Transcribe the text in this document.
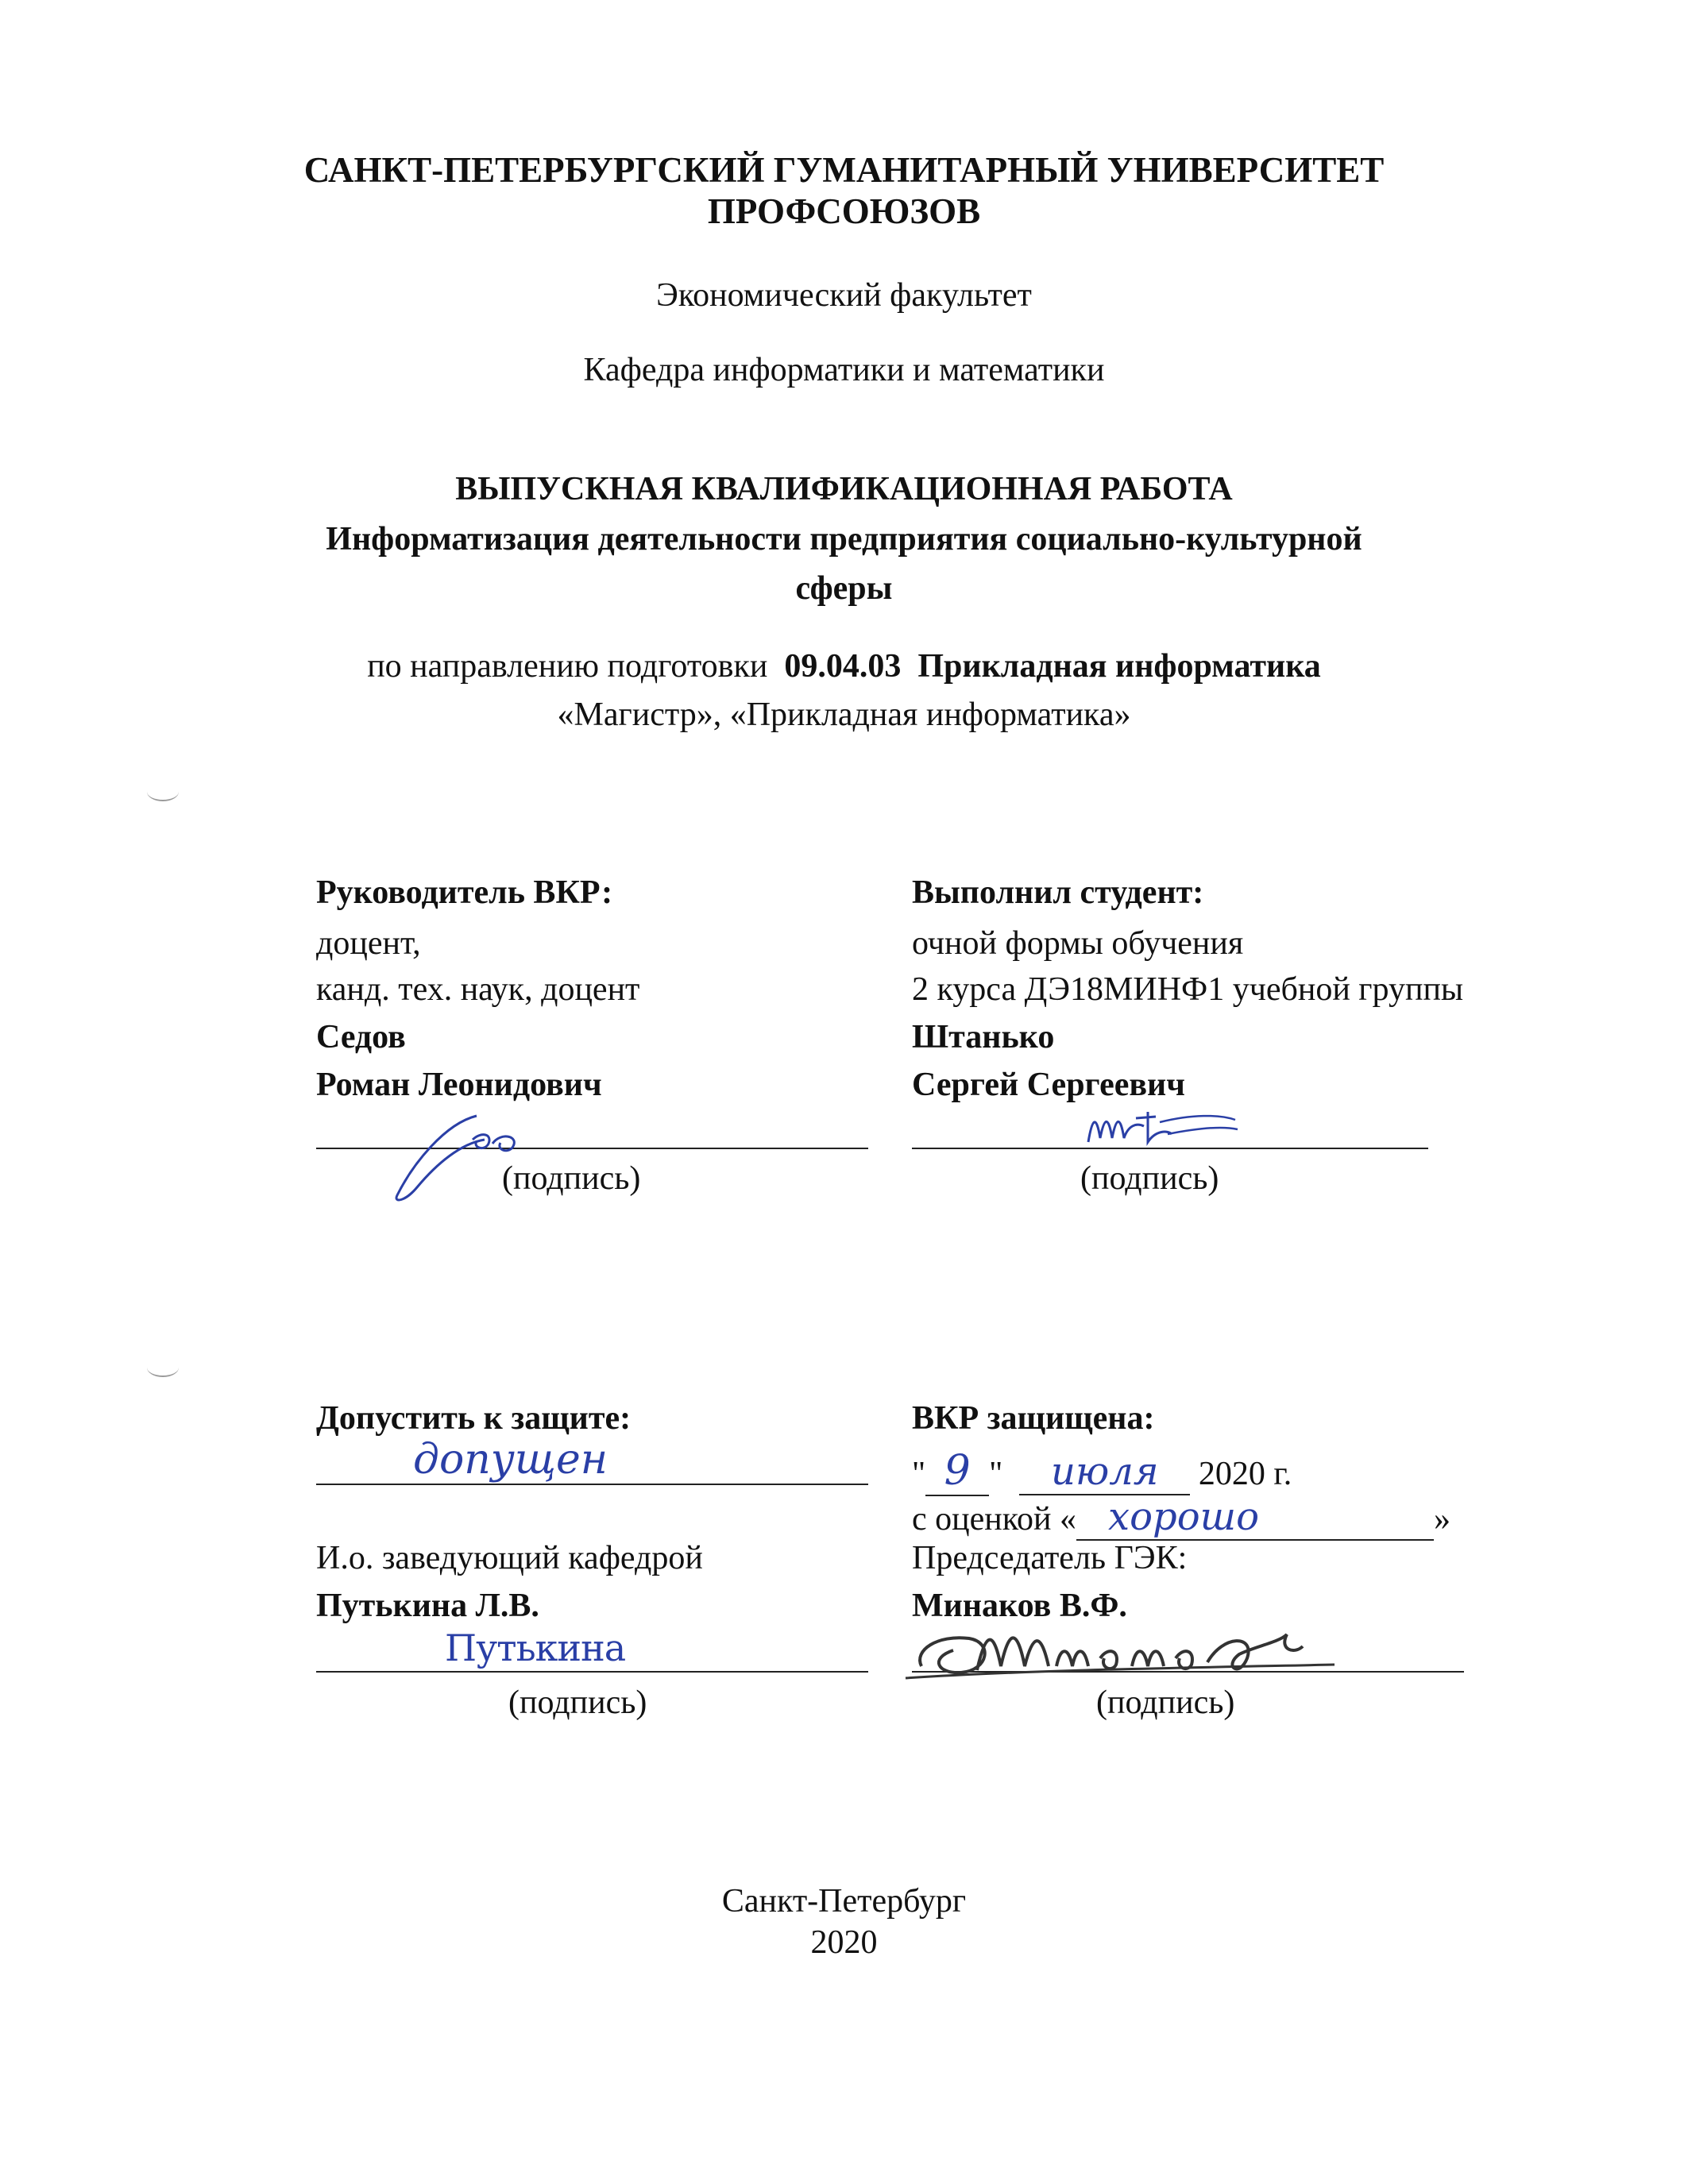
САНКТ-ПЕТЕРБУРГСКИЙ ГУМАНИТАРНЫЙ УНИВЕРСИТЕТ
ПРОФСОЮЗОВ
Экономический факультет
Кафедра информатики и математики
ВЫПУСКНАЯ КВАЛИФИКАЦИОННАЯ РАБОТА
Информатизация деятельности предприятия социально-культурной
сферы
по направлению подготовки 09.04.03 Прикладная информатика
«Магистр», «Прикладная информатика»
Руководитель ВКР:
доцент,
канд. тех. наук, доцент
Седов
Роман Леонидович
(подпись)
Выполнил студент:
очной формы обучения
2 курса ДЭ18МИНФ1 учебной группы
Штанько
Сергей Сергеевич
(подпись)
Допустить к защите:
допущен
И.о. заведующий кафедрой
Путькина Л.В.
Путькина
(подпись)
ВКР защищена:
" 9 " июля 2020 г.
с оценкой « хорошо	»
Председатель ГЭК:
Минаков В.Ф.
(подпись)
Санкт-Петербург
2020
